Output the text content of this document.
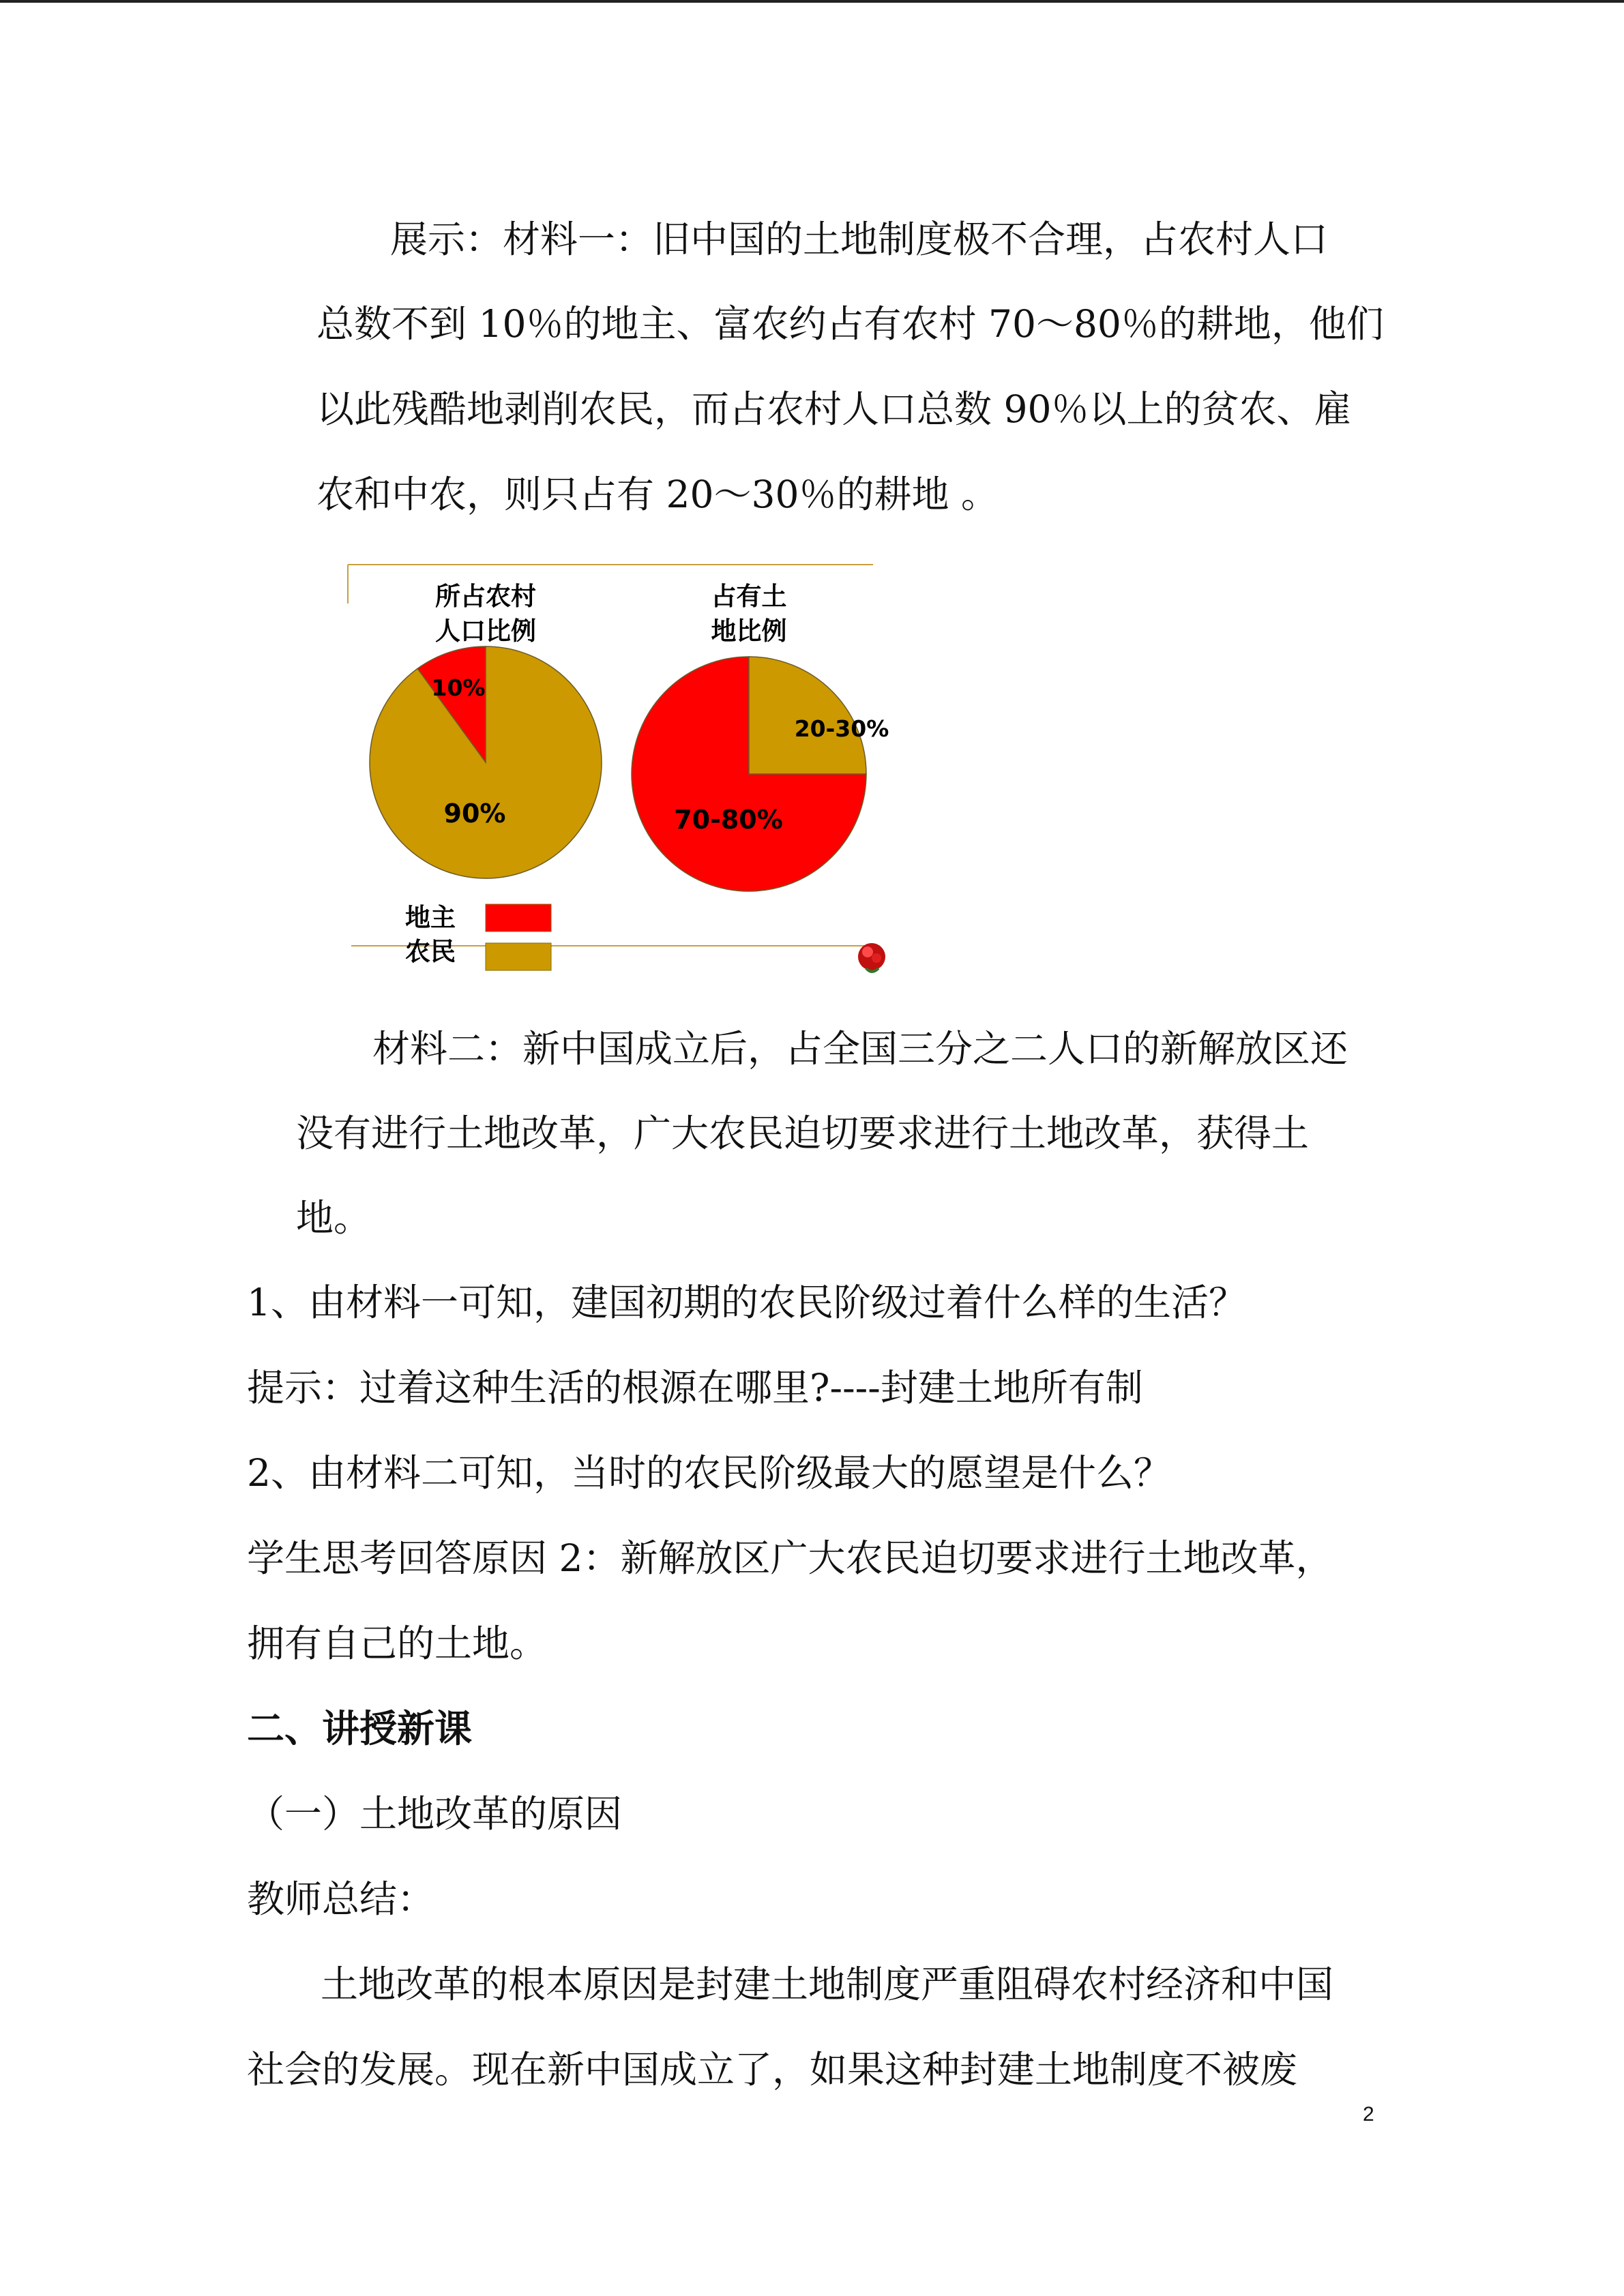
展示：材料一：旧中国的土地制度极不合理，占农村人口

总数不到 10％的地主、富农约占有农村 70～80％的耕地，他们

以此残酷地剥削农民，而占农村人口总数 90％以上的贫农、雇

农和中农，则只占有 20～30％的耕地 。

所占农村
人口比例
占有土
地比例
10%
90%	70-80%
20-30%
地主
农民

材料二：新中国成立后，占全国三分之二人口的新解放区还

没有进行土地改革，广大农民迫切要求进行土地改革，获得土

地。

1、由材料一可知，建国初期的农民阶级过着什么样的生活？

提示：过着这种生活的根源在哪里?----封建土地所有制

2、由材料二可知，当时的农民阶级最大的愿望是什么？

学生思考回答原因 2：新解放区广大农民迫切要求进行土地改革，

拥有自己的土地。

二、讲授新课

（一）土地改革的原因

教师总结：

土地改革的根本原因是封建土地制度严重阻碍农村经济和中国

社会的发展。现在新中国成立了，如果这种封建土地制度不被废

2
